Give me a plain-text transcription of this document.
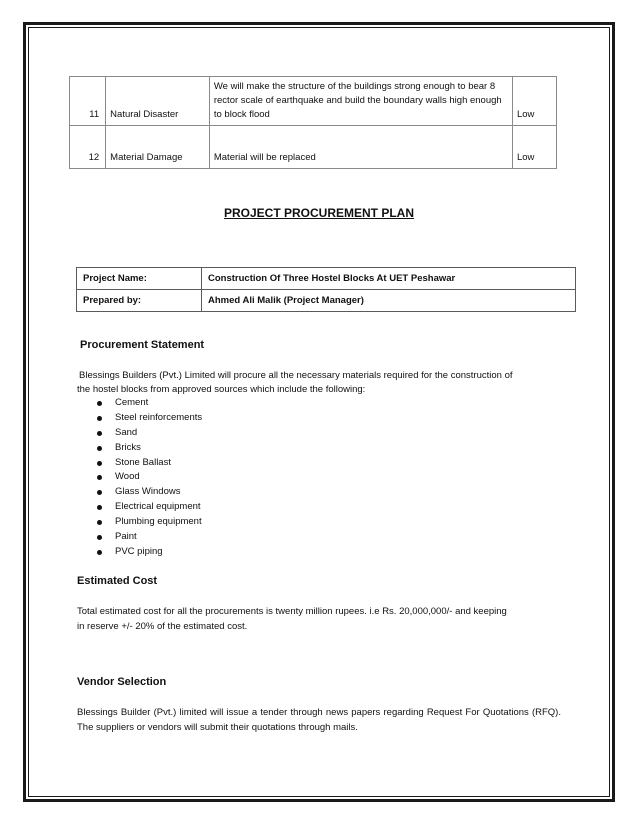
11	Natural Disaster	We will make the structure of the buildings strong enough to bear 8 rector scale of earthquake and build the boundary walls high enough to block flood	Low
12	Material Damage	Material will be replaced	Low
PROJECT PROCUREMENT PLAN
Project Name:	Construction Of Three Hostel Blocks At UET Peshawar
Prepared by:	Ahmed Ali Malik (Project Manager)
Procurement Statement
Blessings Builders (Pvt.) Limited will procure all the necessary materials required for the construction of
the hostel blocks from approved sources which include the following:
Cement
Steel reinforcements
Sand
Bricks
Stone Ballast
Wood
Glass Windows
Electrical equipment
Plumbing equipment
Paint
PVC piping
Estimated Cost
Total estimated cost for all the procurements is twenty million rupees. i.e Rs. 20,000,000/- and keeping
in reserve +/- 20% of the estimated cost.
Vendor Selection
Blessings Builder (Pvt.) limited will issue a tender through news papers regarding Request For Quotations (RFQ). The suppliers or vendors will submit their quotations through mails.
